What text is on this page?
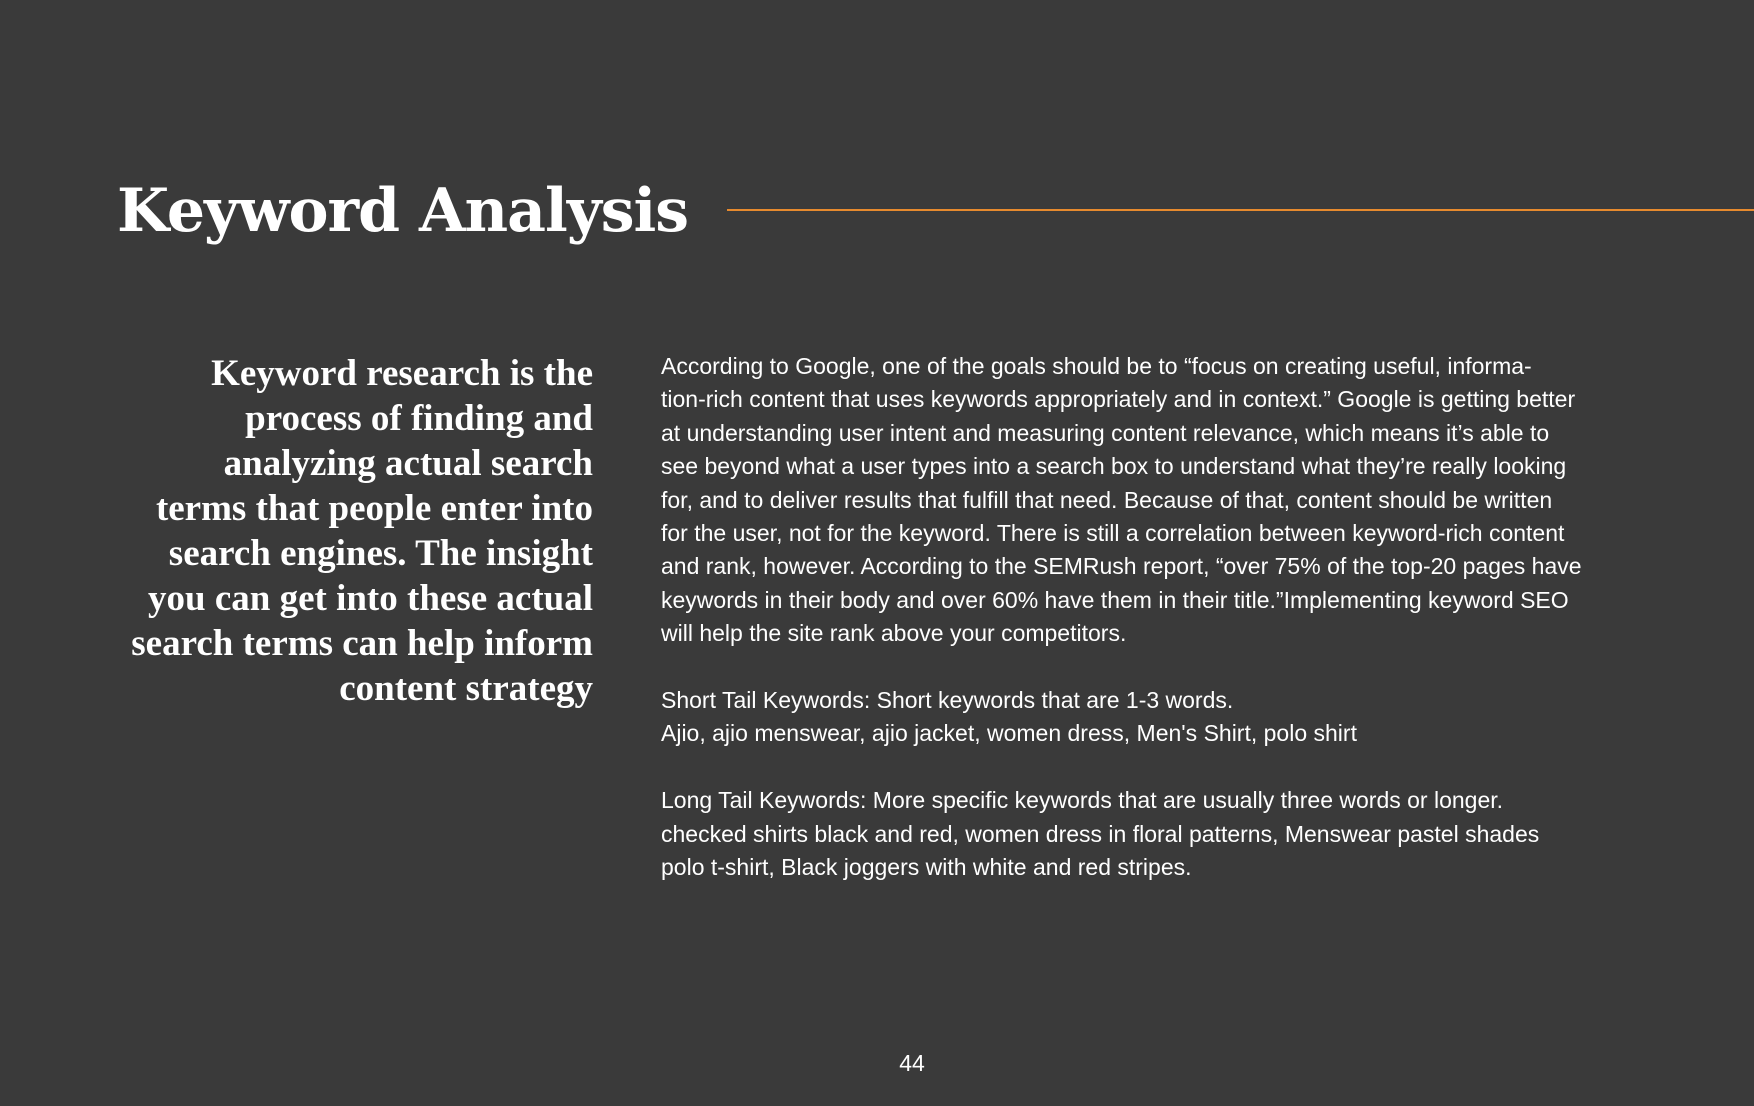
Keyword Analysis
Keyword research is the
process of finding and
analyzing actual search
terms that people enter into
search engines. The insight
you can get into these actual
search terms can help inform
content strategy

According to Google, one of the goals should be to “focus on creating useful, informa-
tion-rich content that uses keywords appropriately and in context.” Google is getting better
at understanding user intent and measuring content relevance, which means it’s able to
see beyond what a user types into a search box to understand what they’re really looking
for, and to deliver results that fulfill that need. Because of that, content should be written
for the user, not for the keyword. There is still a correlation between keyword-rich content
and rank, however. According to the SEMRush report, “over 75% of the top-20 pages have
keywords in their body and over 60% have them in their title.”Implementing keyword SEO
will help the site rank above your competitors.

Short Tail Keywords: Short keywords that are 1-3 words.
Ajio, ajio menswear, ajio jacket, women dress, Men's Shirt, polo shirt

Long Tail Keywords: More specific keywords that are usually three words or longer.
checked shirts black and red, women dress in floral patterns, Menswear pastel shades
polo t-shirt, Black joggers with white and red stripes.

44
